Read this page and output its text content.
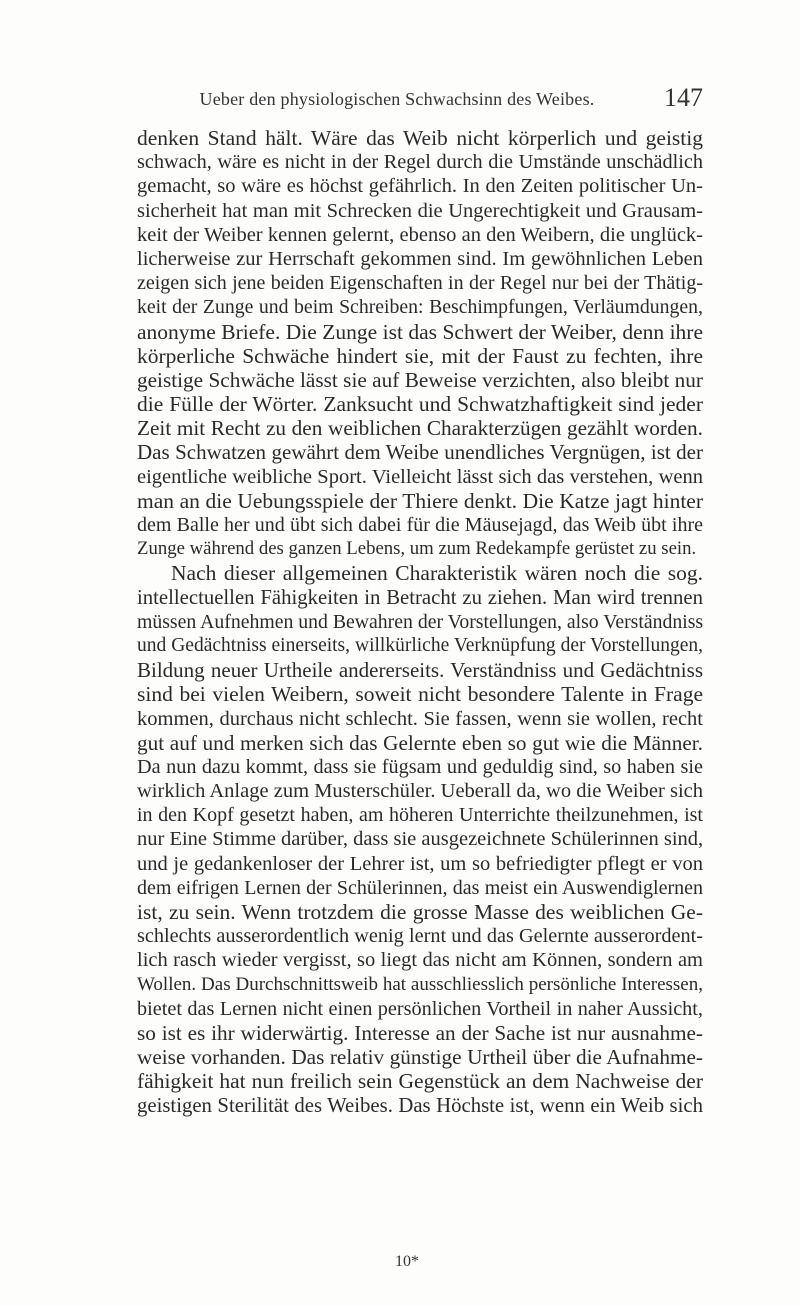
Ueber den physiologischen Schwachsinn des Weibes.	147
denken Stand hält. Wäre das Weib nicht körperlich und geistig
schwach, wäre es nicht in der Regel durch die Umstände unschädlich
gemacht, so wäre es höchst gefährlich. In den Zeiten politischer Un-
sicherheit hat man mit Schrecken die Ungerechtigkeit und Grausam-
keit der Weiber kennen gelernt, ebenso an den Weibern, die unglück-
licherweise zur Herrschaft gekommen sind. Im gewöhnlichen Leben
zeigen sich jene beiden Eigenschaften in der Regel nur bei der Thätig-
keit der Zunge und beim Schreiben: Beschimpfungen, Verläumdungen,
anonyme Briefe. Die Zunge ist das Schwert der Weiber, denn ihre
körperliche Schwäche hindert sie, mit der Faust zu fechten, ihre
geistige Schwäche lässt sie auf Beweise verzichten, also bleibt nur
die Fülle der Wörter. Zanksucht und Schwatzhaftigkeit sind jeder
Zeit mit Recht zu den weiblichen Charakterzügen gezählt worden.
Das Schwatzen gewährt dem Weibe unendliches Vergnügen, ist der
eigentliche weibliche Sport. Vielleicht lässt sich das verstehen, wenn
man an die Uebungsspiele der Thiere denkt. Die Katze jagt hinter
dem Balle her und übt sich dabei für die Mäusejagd, das Weib übt ihre
Zunge während des ganzen Lebens, um zum Redekampfe gerüstet zu sein.
Nach dieser allgemeinen Charakteristik wären noch die sog.
intellectuellen Fähigkeiten in Betracht zu ziehen. Man wird trennen
müssen Aufnehmen und Bewahren der Vorstellungen, also Verständniss
und Gedächtniss einerseits, willkürliche Verknüpfung der Vorstellungen,
Bildung neuer Urtheile andererseits. Verständniss und Gedächtniss
sind bei vielen Weibern, soweit nicht besondere Talente in Frage
kommen, durchaus nicht schlecht. Sie fassen, wenn sie wollen, recht
gut auf und merken sich das Gelernte eben so gut wie die Männer.
Da nun dazu kommt, dass sie fügsam und geduldig sind, so haben sie
wirklich Anlage zum Musterschüler. Ueberall da, wo die Weiber sich
in den Kopf gesetzt haben, am höheren Unterrichte theilzunehmen, ist
nur Eine Stimme darüber, dass sie ausgezeichnete Schülerinnen sind,
und je gedankenloser der Lehrer ist, um so befriedigter pflegt er von
dem eifrigen Lernen der Schülerinnen, das meist ein Auswendiglernen
ist, zu sein. Wenn trotzdem die grosse Masse des weiblichen Ge-
schlechts ausserordentlich wenig lernt und das Gelernte ausserordent-
lich rasch wieder vergisst, so liegt das nicht am Können, sondern am
Wollen. Das Durchschnittsweib hat ausschliesslich persönliche Interessen,
bietet das Lernen nicht einen persönlichen Vortheil in naher Aussicht,
so ist es ihr widerwärtig. Interesse an der Sache ist nur ausnahme-
weise vorhanden. Das relativ günstige Urtheil über die Aufnahme-
fähigkeit hat nun freilich sein Gegenstück an dem Nachweise der
geistigen Sterilität des Weibes. Das Höchste ist, wenn ein Weib sich
10*
